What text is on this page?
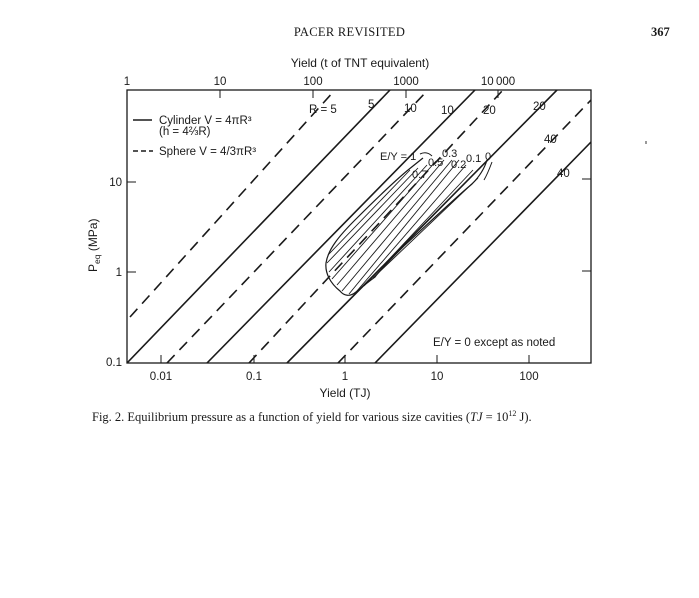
PACER REVISITED	367
Yield (t of TNT equivalent)
1	10	100	1000	10 000
10
1
0.1
$P_{eq}$ (MPa)
0.01	0.1	1	10	100
Yield (TJ)
E/Y = 1
0.7
0.5
0.3
0.2 0.1 0
R = 5	5	10 10	20	20
40
40
Cylinder V = 4πR³
(h = 4⅔R)
Sphere V = 4/3πR³
E/Y = 0 except as noted
Fig. 2. Equilibrium pressure as a function of yield for various size cavities ($TJ = 10^{12}$ J).
